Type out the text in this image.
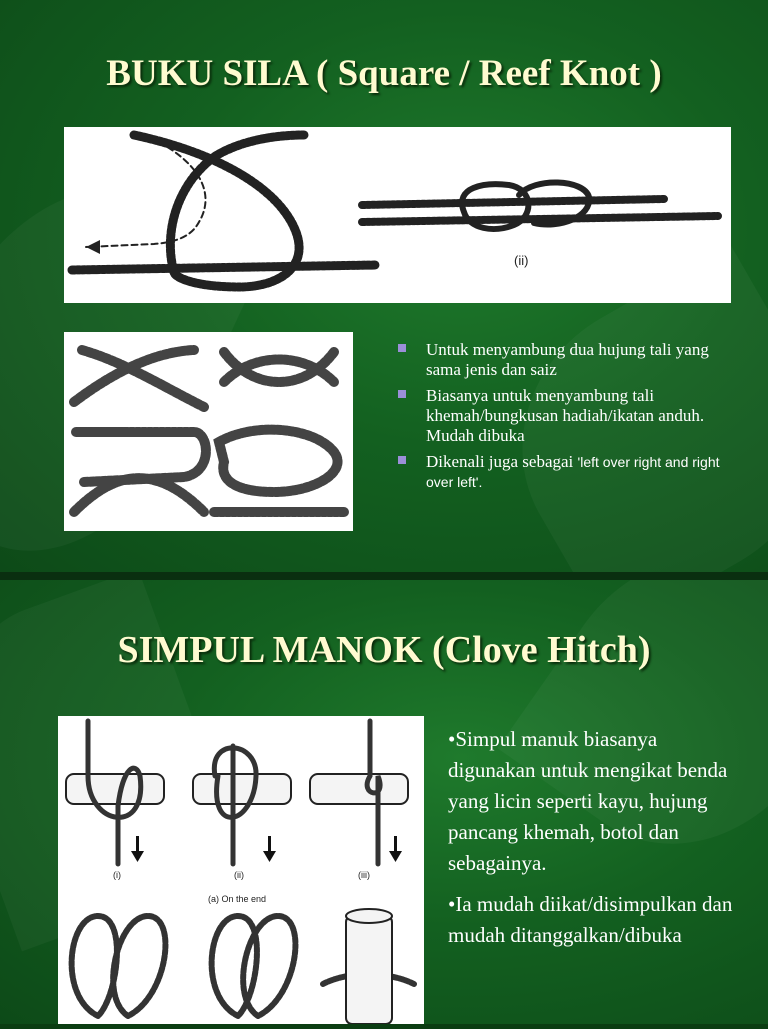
BUKU SILA ( Square / Reef Knot )
(ii)
Untuk menyambung dua hujung tali yang sama jenis dan saiz
Biasanya untuk menyambung tali khemah/bungkusan hadiah/ikatan anduh. Mudah dibuka
Dikenali juga sebagai 'left over right and right over left'.
SIMPUL MANOK (Clove Hitch)
(i)	(ii)	(iii)
(a) On the end

•Simpul manuk biasanya digunakan untuk mengikat benda yang licin seperti kayu, hujung pancang khemah, botol dan sebagainya.

•Ia mudah diikat/disimpulkan dan mudah ditanggalkan/dibuka
